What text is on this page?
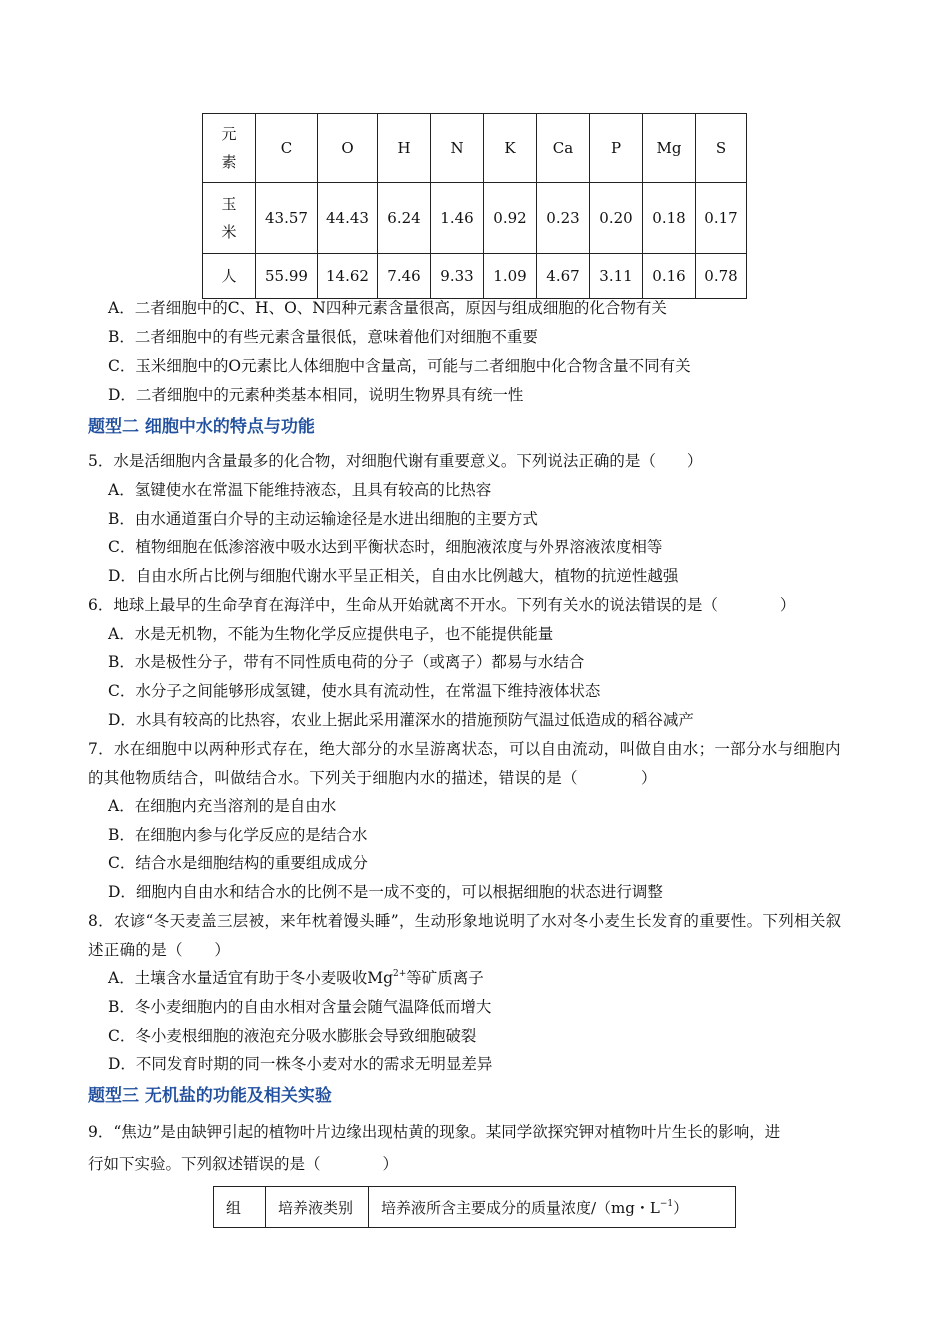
元素	C	O	H	N	K	Ca	P	Mg	S
玉米	43.57	44.43	6.24	1.46	0.92	0.23	0.20	0.18	0.17
人	55.99	14.62	7.46	9.33	1.09	4.67	3.11	0.16	0.78
A．二者细胞中的C、H、O、N四种元素含量很高，原因与组成细胞的化合物有关
B．二者细胞中的有些元素含量很低，意味着他们对细胞不重要
C．玉米细胞中的O元素比人体细胞中含量高，可能与二者细胞中化合物含量不同有关
D．二者细胞中的元素种类基本相同，说明生物界具有统一性
题型二 细胞中水的特点与功能
5．水是活细胞内含量最多的化合物，对细胞代谢有重要意义。下列说法正确的是（　　）
A．氢键使水在常温下能维持液态，且具有较高的比热容
B．由水通道蛋白介导的主动运输途径是水进出细胞的主要方式
C．植物细胞在低渗溶液中吸水达到平衡状态时，细胞液浓度与外界溶液浓度相等
D．自由水所占比例与细胞代谢水平呈正相关，自由水比例越大，植物的抗逆性越强
6．地球上最早的生命孕育在海洋中，生命从开始就离不开水。下列有关水的说法错误的是（　　　　）
A．水是无机物，不能为生物化学反应提供电子，也不能提供能量
B．水是极性分子，带有不同性质电荷的分子（或离子）都易与水结合
C．水分子之间能够形成氢键，使水具有流动性，在常温下维持液体状态
D．水具有较高的比热容，农业上据此采用灌深水的措施预防气温过低造成的稻谷减产
7．水在细胞中以两种形式存在，绝大部分的水呈游离状态，可以自由流动，叫做自由水；一部分水与细胞内的其他物质结合，叫做结合水。下列关于细胞内水的描述，错误的是（　　　　）
A．在细胞内充当溶剂的是自由水
B．在细胞内参与化学反应的是结合水
C．结合水是细胞结构的重要组成成分
D．细胞内自由水和结合水的比例不是一成不变的，可以根据细胞的状态进行调整
8．农谚“冬天麦盖三层被，来年枕着馒头睡”，生动形象地说明了水对冬小麦生长发育的重要性。下列相关叙述正确的是（　　）
A．土壤含水量适宜有助于冬小麦吸收$Mg^{2+}$等矿质离子
B．冬小麦细胞内的自由水相对含量会随气温降低而增大
C．冬小麦根细胞的液泡充分吸水膨胀会导致细胞破裂
D．不同发育时期的同一株冬小麦对水的需求无明显差异
题型三 无机盐的功能及相关实验
9．“焦边”是由缺钾引起的植物叶片边缘出现枯黄的现象。某同学欲探究钾对植物叶片生长的影响，进
行如下实验。下列叙述· · 错误的是（　　　　）
组	培养液类别	培养液所含主要成分的质量浓度/（mg・$L^{-1}$）
